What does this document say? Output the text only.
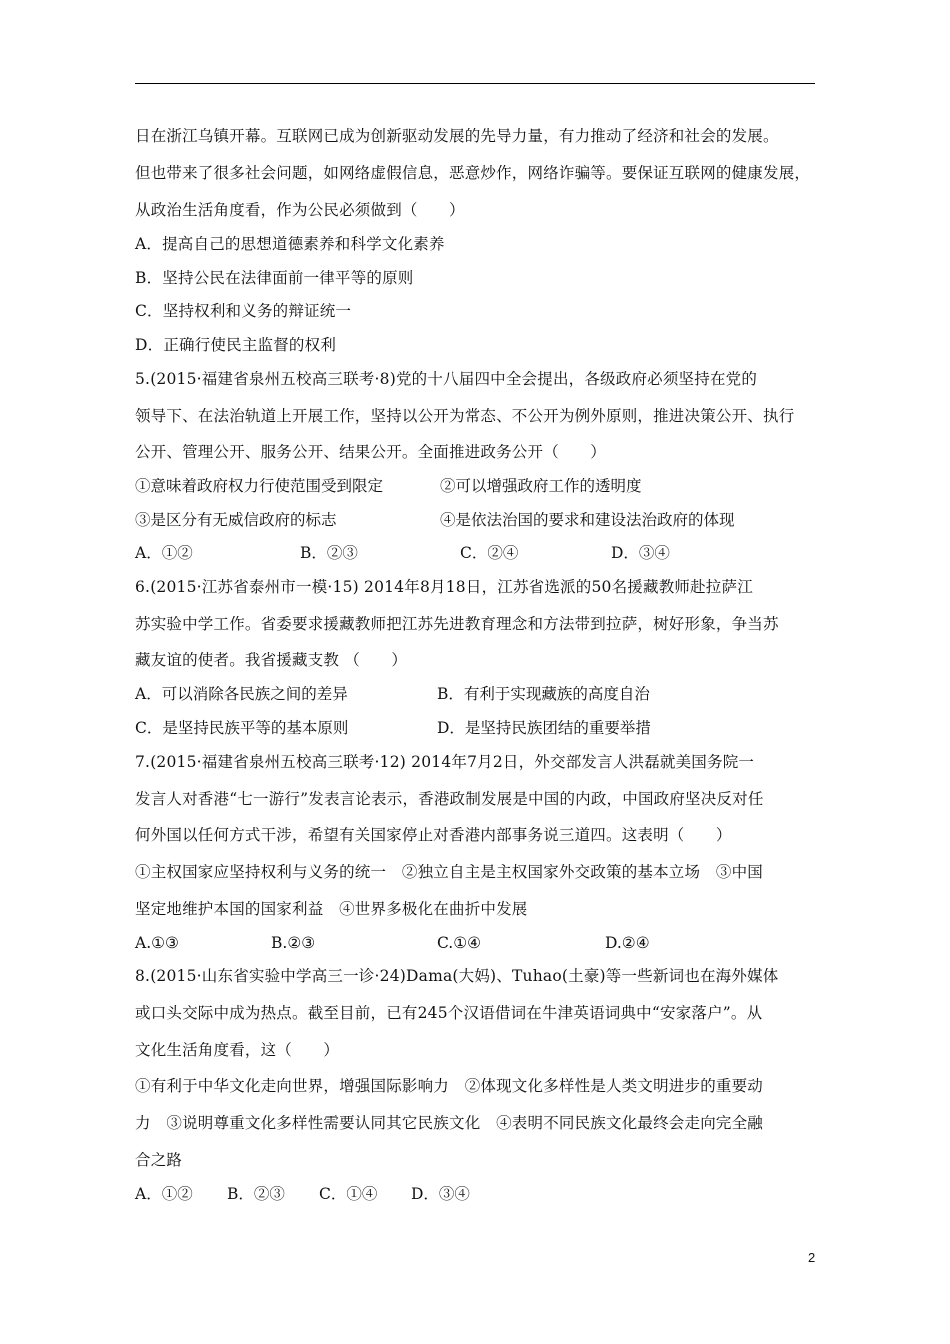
日在浙江乌镇开幕。互联网已成为创新驱动发展的先导力量，有力推动了经济和社会的发展。
但也带来了很多社会问题，如网络虚假信息，恶意炒作，网络诈骗等。要保证互联网的健康发展，
从政治生活角度看，作为公民必须做到（　　）
A．提高自己的思想道德素养和科学文化素养
B．坚持公民在法律面前一律平等的原则
C．坚持权利和义务的辩证统一
D．正确行使民主监督的权利
5.(2015·福建省泉州五校高三联考·8)党的十八届四中全会提出，各级政府必须坚持在党的
领导下、在法治轨道上开展工作，坚持以公开为常态、不公开为例外原则，推进决策公开、执行
公开、管理公开、服务公开、结果公开。全面推进政务公开（　　）
①意味着政府权力行使范围受到限定	②可以增强政府工作的透明度
③是区分有无威信政府的标志	④是依法治国的要求和建设法治政府的体现
A．①②	B．②③	C．②④	D．③④
6.(2015·江苏省泰州市一模·15) 2014年8月18日，江苏省选派的50名援藏教师赴拉萨江
苏实验中学工作。省委要求援藏教师把江苏先进教育理念和方法带到拉萨，树好形象，争当苏
藏友谊的使者。我省援藏支教 （　　）
A．可以消除各民族之间的差异	B．有利于实现藏族的高度自治
C．是坚持民族平等的基本原则	D．是坚持民族团结的重要举措
7.(2015·福建省泉州五校高三联考·12) 2014年7月2日，外交部发言人洪磊就美国务院一
发言人对香港“七一游行”发表言论表示，香港政制发展是中国的内政，中国政府坚决反对任
何外国以任何方式干涉，希望有关国家停止对香港内部事务说三道四。这表明（　　）
①主权国家应坚持权利与义务的统一　②独立自主是主权国家外交政策的基本立场　③中国
坚定地维护本国的国家利益　④世界多极化在曲折中发展
A.①③	B.②③	C.①④	D.②④
8.(2015·山东省实验中学高三一诊·24)Dama(大妈)、Tuhao(土豪)等一些新词也在海外媒体
或口头交际中成为热点。截至目前，已有245个汉语借词在牛津英语词典中“安家落户”。从
文化生活角度看，这（　　）
①有利于中华文化走向世界，增强国际影响力　②体现文化多样性是人类文明进步的重要动
力　③说明尊重文化多样性需要认同其它民族文化　④表明不同民族文化最终会走向完全融
合之路
A．①② B．②③ C．①④ D．③④
2
